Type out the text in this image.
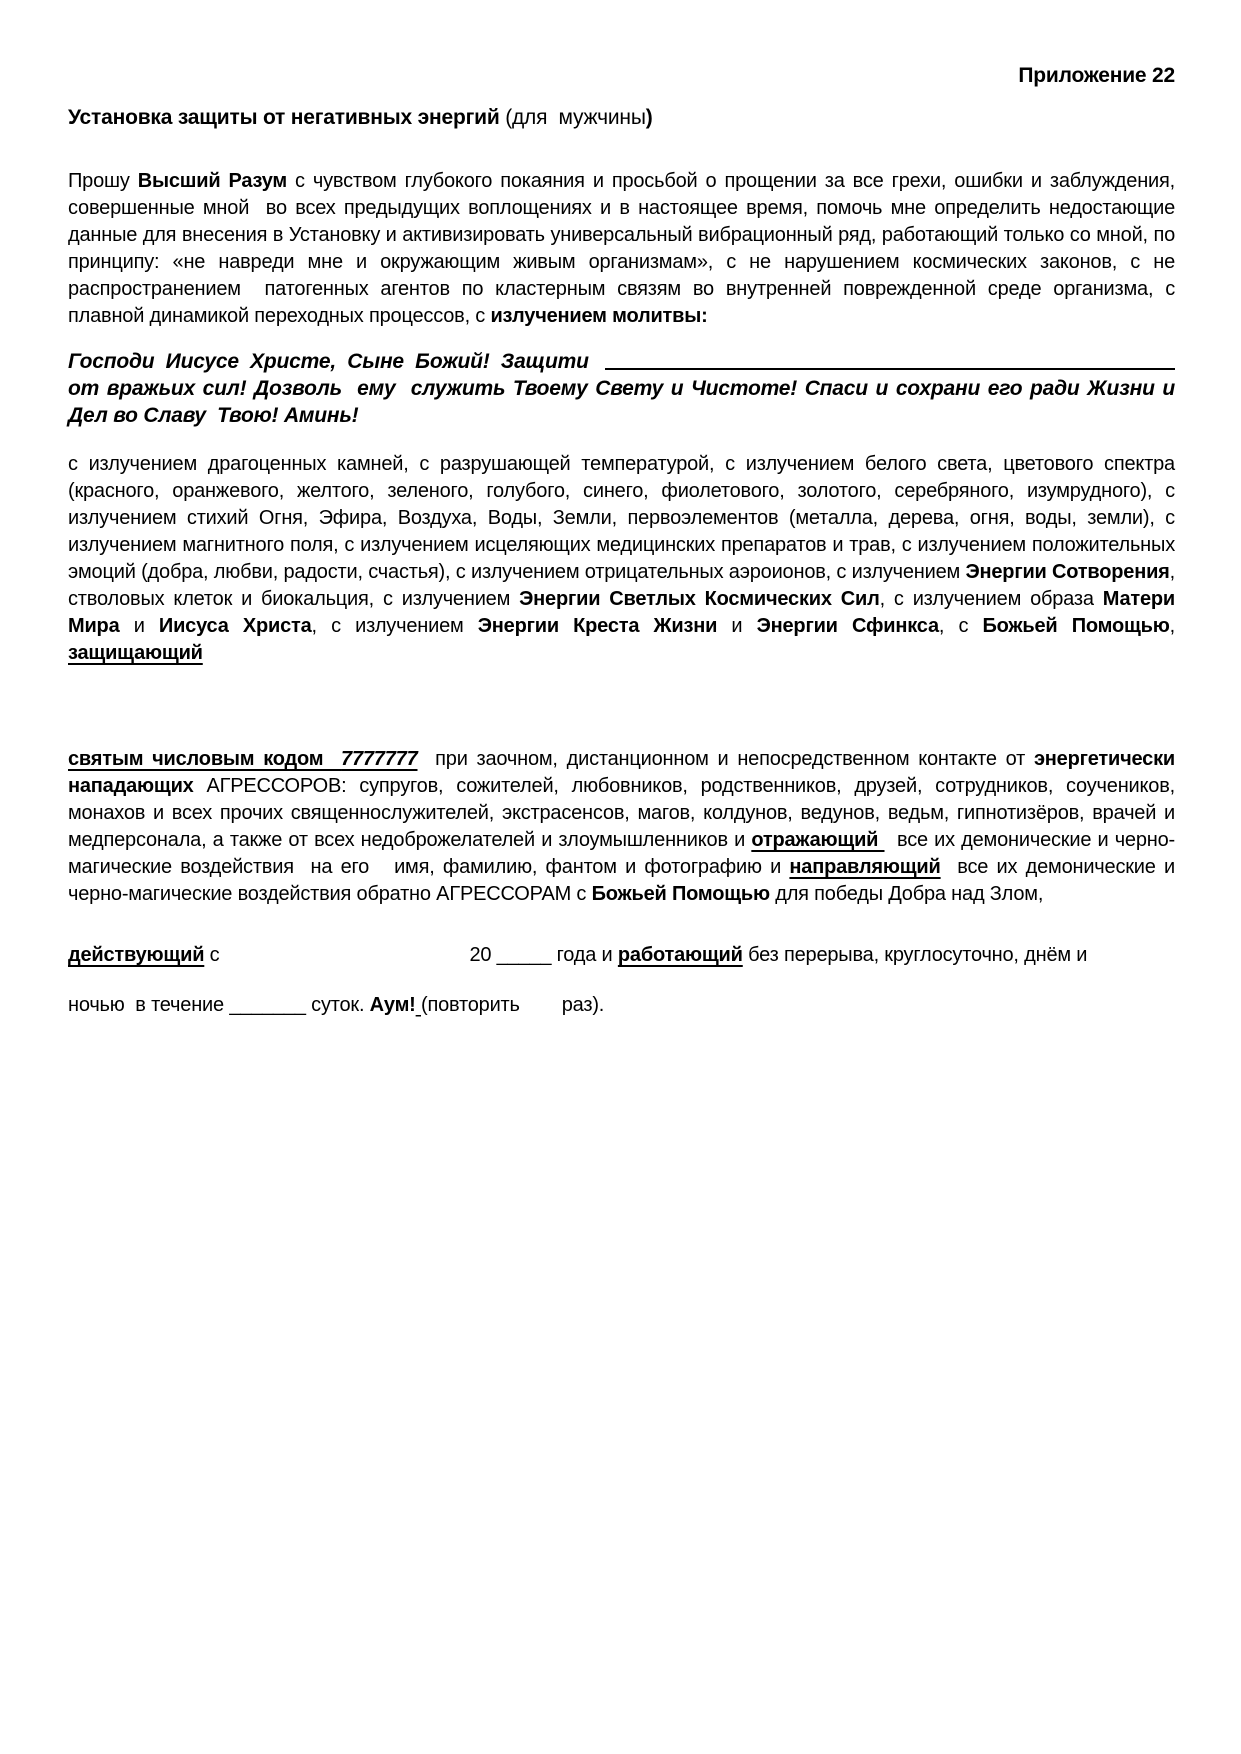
Приложение 22

Установка защиты от негативных энергий (для  мужчины)

Прошу Высший Разум с чувством глубокого покаяния и просьбой о прощении за все грехи, ошибки и заблуждения, совершенные мной  во всех предыдущих воплощениях и в настоящее время, помочь мне определить недостающие данные для внесения в Установку и активизировать универсальный вибрационный ряд, работающий только со мной, по принципу: «не навреди мне и окружающим живым организмам», с не нарушением космических законов, с не распространением  патогенных агентов по кластерным связям во внутренней поврежденной среде организма, с плавной динамикой переходных процессов, с излучением молитвы:

Господи  Иисусе  Христе,  Сыне  Божий!  Защити

от вражьих сил! Дозволь  ему  служить Твоему Свету и Чистоте! Спаси и сохрани его ради Жизни и Дел во Славу  Твою! Аминь!

с излучением драгоценных камней, с разрушающей температурой, с излучением белого света, цветового спектра (красного, оранжевого, желтого, зеленого, голубого, синего, фиолетового, золотого, серебряного, изумрудного), с излучением стихий Огня, Эфира, Воздуха, Воды, Земли, первоэлементов (металла, дерева, огня, воды, земли), с излучением магнитного поля, с излучением исцеляющих медицинских препаратов и трав, с излучением положительных эмоций (добра, любви, радости, счастья), с излучением отрицательных аэроионов, с излучением Энергии Сотворения, стволовых клеток и биокальция, с излучением Энергии Светлых Космических Сил, с излучением образа Матери Мира и Иисуса Христа, с излучением Энергии Креста Жизни и Энергии Сфинкса, с Божьей Помощью, защищающий

святым числовым кодом  7777777  при заочном, дистанционном и непосредственном контакте от энергетически нападающих АГРЕССОРОВ: супругов, сожителей, любовников, родственников, друзей, сотрудников, соучеников, монахов и всех прочих священнослужителей, экстрасенсов, магов, колдунов, ведунов, ведьм, гипнотизёров, врачей и медперсонала, а также от всех недоброжелателей и злоумышленников и отражающий   все их демонические и черно-магические воздействия  на его   имя, фамилию, фантом и фотографию и направляющий  все их демонические и черно-магические воздействия обратно АГРЕССОРАМ с Божьей Помощью для победы Добра над Злом,

действующий с	20 _____ года и работающий без перерыва, круглосуточно, днём и

ночью  в течение _______ суток. Аум! (повторить раз).
